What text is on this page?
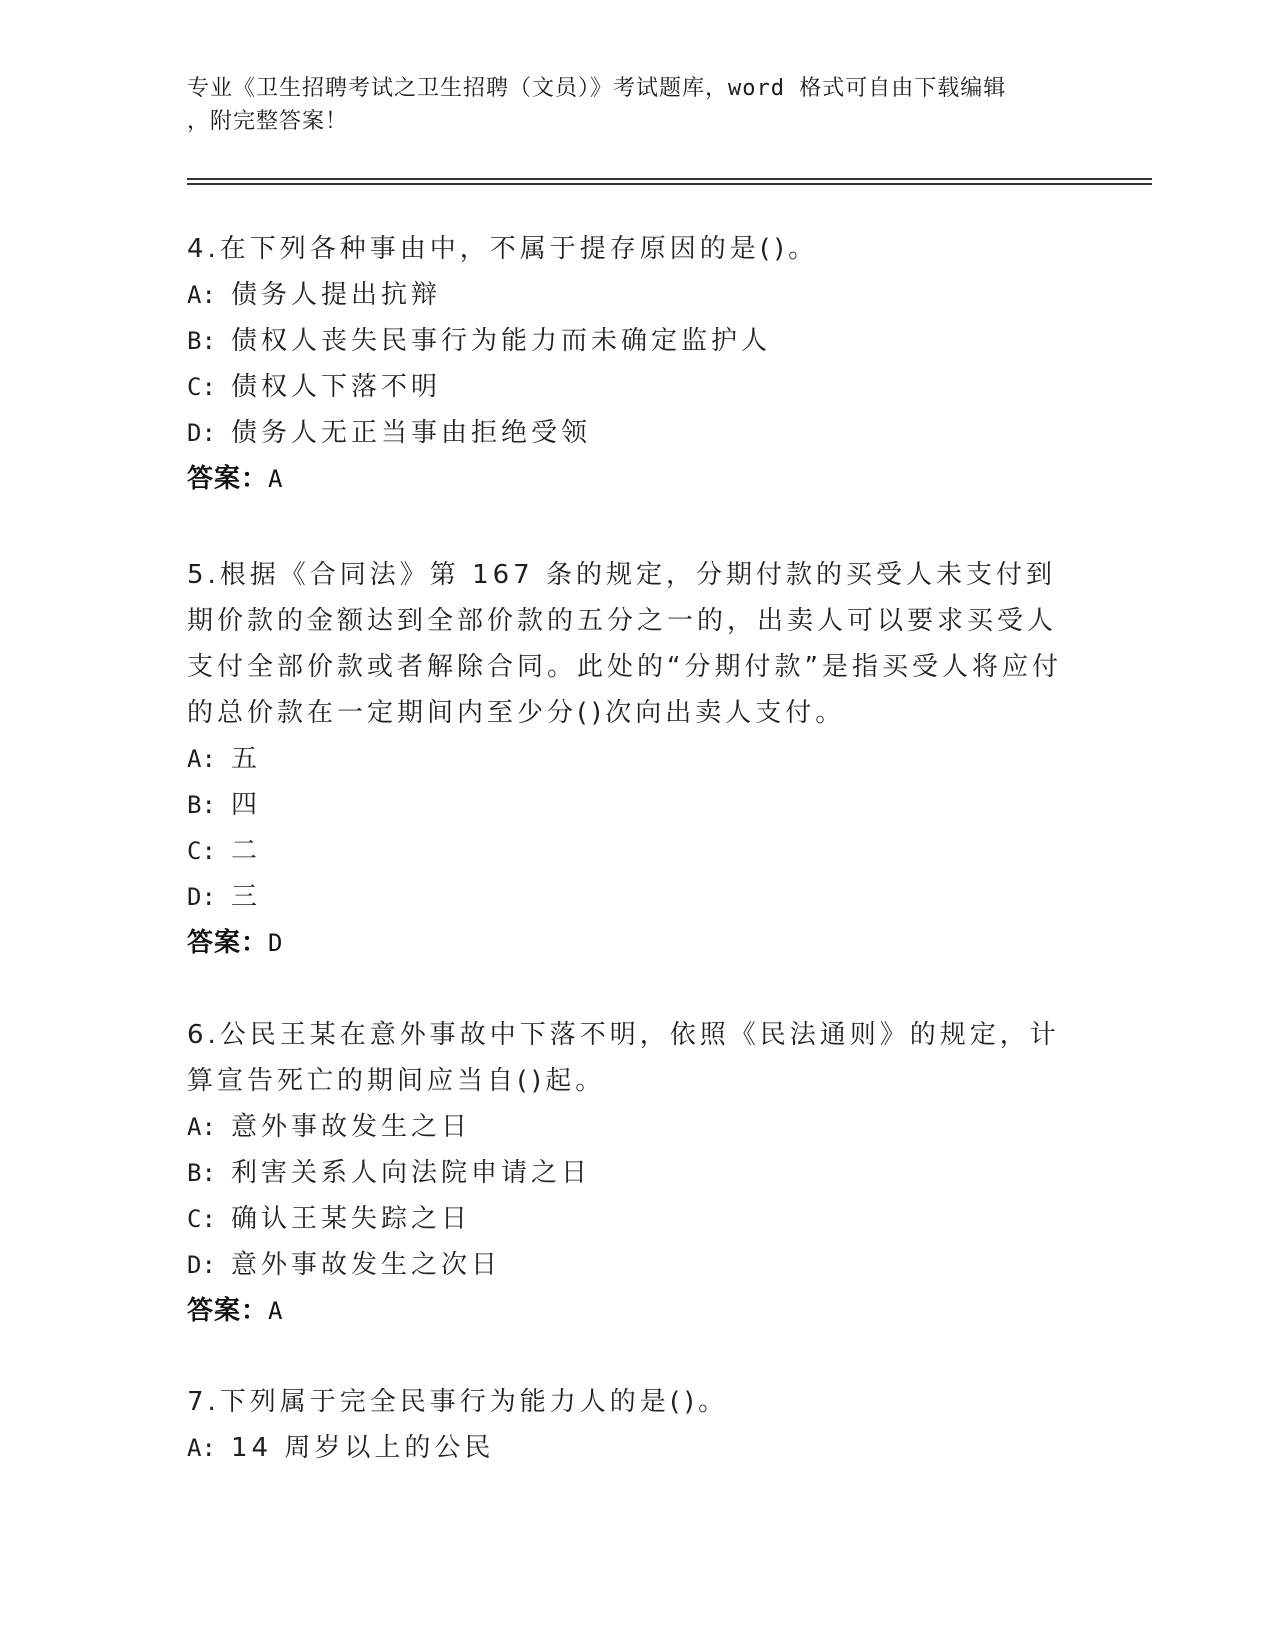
专业《卫生招聘考试之卫生招聘（文员）》考试题库，word 格式可自由下载编辑
，附完整答案！

4.在下列各种事由中，不属于提存原因的是()。

A: 债务人提出抗辩

B: 债权人丧失民事行为能力而未确定监护人

C: 债权人下落不明

D: 债务人无正当事由拒绝受领

答案：A

5.根据《合同法》第 167 条的规定，分期付款的买受人未支付到期价款的金额达到全部价款的五分之一的，出卖人可以要求买受人支付全部价款或者解除合同。此处的“分期付款”是指买受人将应付的总价款在一定期间内至少分()次向出卖人支付。

A: 五

B: 四

C: 二

D: 三

答案：D

6.公民王某在意外事故中下落不明，依照《民法通则》的规定，计算宣告死亡的期间应当自()起。

A: 意外事故发生之日

B: 利害关系人向法院申请之日

C: 确认王某失踪之日

D: 意外事故发生之次日

答案：A

7.下列属于完全民事行为能力人的是()。

A: 14 周岁以上的公民
